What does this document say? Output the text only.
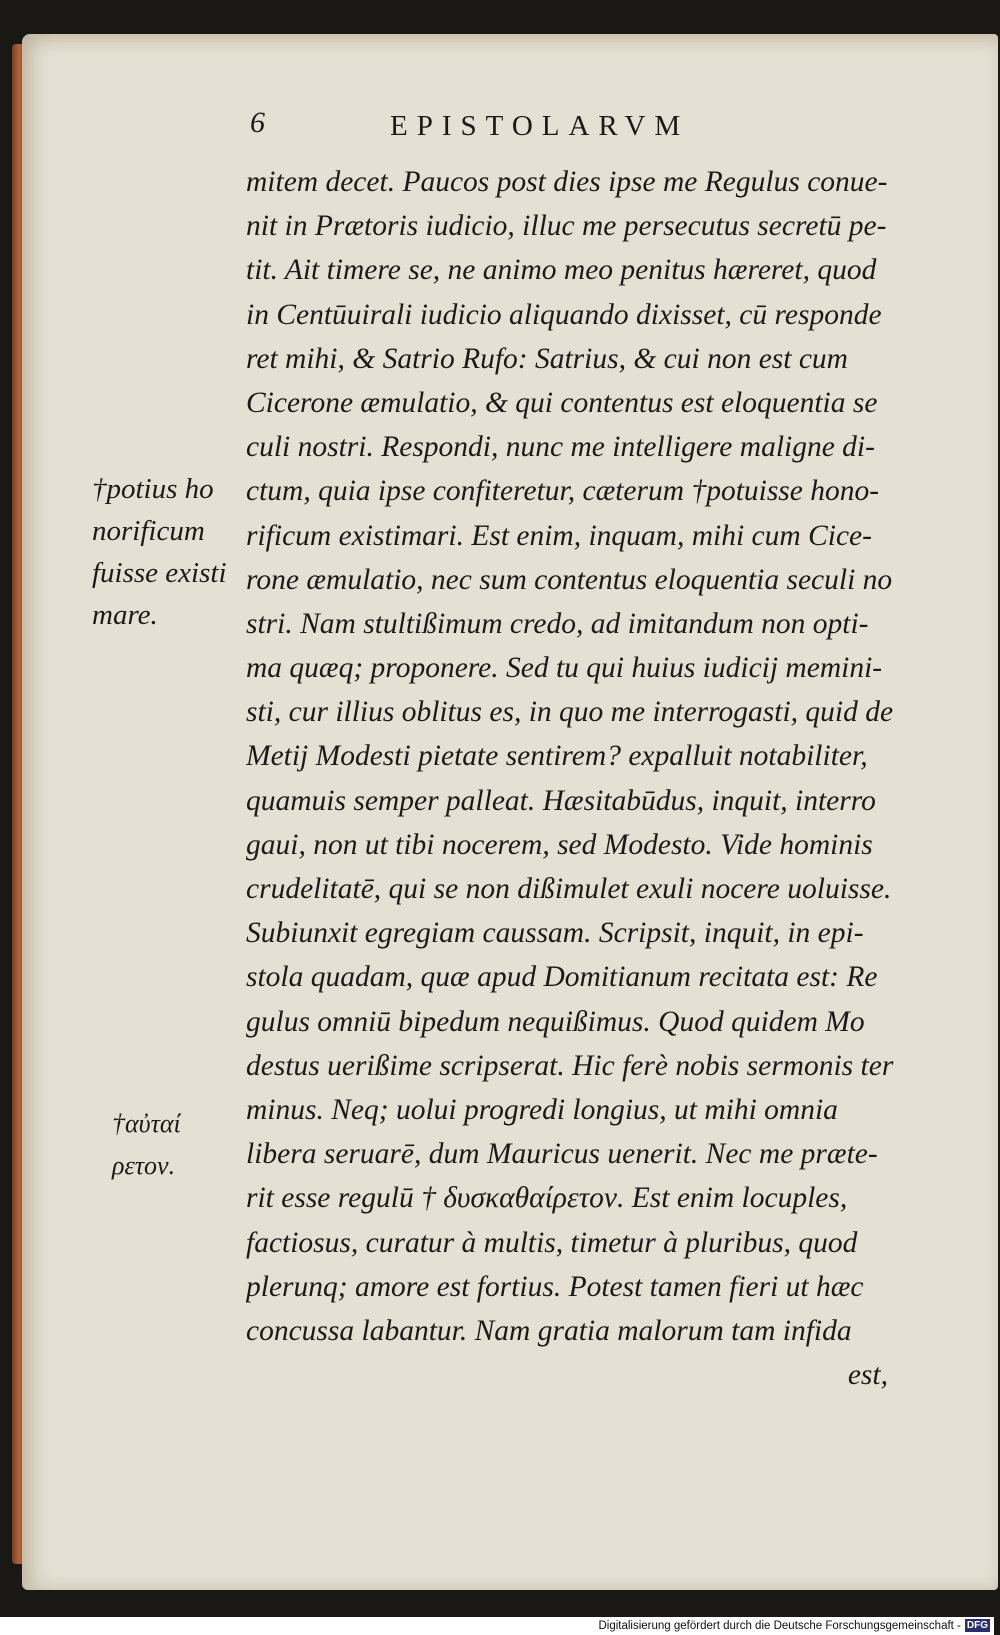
6	EPISTOLARVM
mitem decet. Paucos post dies ipse me Regulus conue-
nit in Prætoris iudicio, illuc me persecutus secretū pe-
tit. Ait timere se, ne animo meo penitus hæreret, quod
in Centūuirali iudicio aliquando dixisset, cū responde
ret mihi, & Satrio Rufo: Satrius, & cui non est cum
Cicerone æmulatio, & qui contentus est eloquentia se
culi nostri. Respondi, nunc me intelligere maligne di-
ctum, quia ipse confiteretur, cæterum †potuisse hono-
rificum existimari. Est enim, inquam, mihi cum Cice-
rone æmulatio, nec sum contentus eloquentia seculi no
stri. Nam stultißimum credo, ad imitandum non opti-
ma quæq; proponere. Sed tu qui huius iudicij memini-
sti, cur illius oblitus es, in quo me interrogasti, quid de
Metij Modesti pietate sentirem? expalluit notabiliter,
quamuis semper palleat. Hæsitabūdus, inquit, interro
gaui, non ut tibi nocerem, sed Modesto. Vide hominis
crudelitatē, qui se non dißimulet exuli nocere uoluisse.
Subiunxit egregiam caussam. Scripsit, inquit, in epi-
stola quadam, quæ apud Domitianum recitata est: Re
gulus omniū bipedum nequißimus. Quod quidem Mo
destus uerißime scripserat. Hic ferè nobis sermonis ter
minus. Neq; uolui progredi longius, ut mihi omnia
libera seruarē, dum Mauricus uenerit. Nec me præte-
rit esse regulū † δυσκαθαίρετον. Est enim locuples,
factiosus, curatur à multis, timetur à pluribus, quod
plerunq; amore est fortius. Potest tamen fieri ut hæc
concussa labantur. Nam gratia malorum tam infida
est,
†potius ho
norificum
fuisse existi
mare.
†αὐταί
ρετον.
Digitalisierung gefördert durch die Deutsche Forschungsgemeinschaft - DFG
